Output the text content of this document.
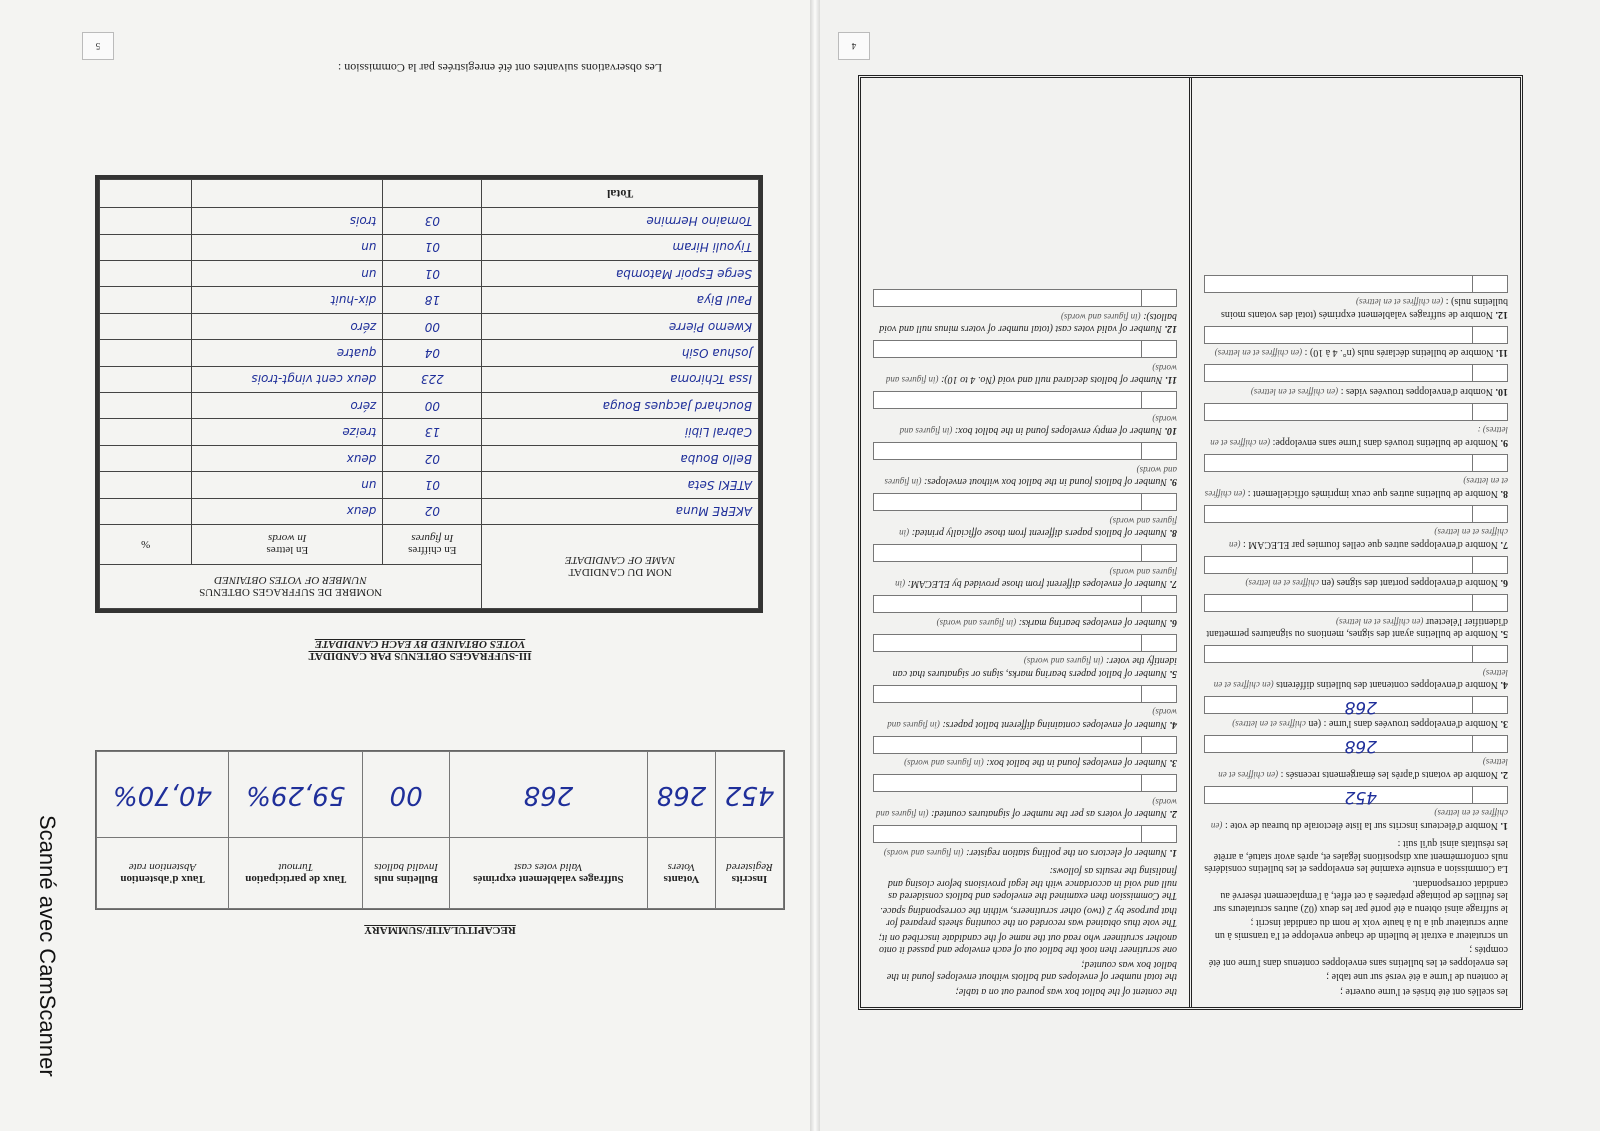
Scanné avec CamScanner
5	4
Les observations suivantes ont été enregistrées par la Commission :
NOM DU CANDIDAT
NAME OF CANDIDATE

NOMBRE DE SUFFRAGES OBTENUS
NUMBER OF VOTES OBTAINED

En chiffres
In figures

En lettres
In words
	%
AKERE Muna	02	deux	
ATEKI Seta	01	un	
Bello Bouba	02	deux	
Cabral Libii	13	treize	
Bouchard Jacques Bouga	00	zéro	
Issa Tchiroma	223	deux cent vingt-trois	
Joshua Osih	04	quatre	
Kwemo Pierre	00	zéro	
Paul Biya	18	dix-huit	
Serge Espoir Matomba	01	un	
Tiyouli Hiram	01	un	
Tomaino Hermine	03	trois	
Total			
III-SUFFRAGES OBTENUS PAR CANDIDAT
VOTES OBTAINED BY EACH CANDIDATE
Inscrits
Registered

Votants
Voters

Suffrages valablement exprimés
Valid votes cast

Bulletins nuls
Invalid ballots

Taux de participation
Turnout

Taux d'abstention
Abstention rate

452	268	268	00	59,29%	40,70%
RECAPITULATIF/SUMMARY

les scellés ont été brisés et l'urne ouverte ;

le contenu de l'urne a été versé sur une table ;

les enveloppes et les bulletins sans enveloppes contenus dans l'urne ont été comptés ;

un scrutateur a extrait le bulletin de chaque enveloppe et l'a transmis à un autre scrutateur qui a lu à haute voix le nom du candidat inscrit ;

le suffrage ainsi obtenu a été porté par les deux (02) autres scrutateurs sur les feuilles de pointage préparées à cet effet, à l'emplacement réservé au candidat correspondant.

La Commission a ensuite examiné les enveloppes et les bulletins considérés nuls conformément aux dispositions légales et, après avoir statué, a arrêté les résultats ainsi qu'il suit :

1. Nombre d'électeurs inscrits sur la liste électorale du bureau de vote : (en chiffres et en lettres)
452
2. Nombre de votants d'après les émargements recensés : (en chiffres et en lettres)
268
3. Nombre d'enveloppes trouvées dans l'urne : (en chiffres et en lettres)
268
4. Nombre d'enveloppes contenant des bulletins différents (en chiffres et en lettres)
5. Nombre de bulletins ayant des signes, mentions ou signatures permettant d'identifier l'électeur (en chiffres et en lettres)
6. Nombre d'enveloppes portant des signes (en chiffres et en lettres)
7. Nombre d'enveloppes autres que celles fournies par ELECAM : (en chiffres et en lettres)
8. Nombre de bulletins autres que ceux imprimés officiellement : (en chiffres et en lettres)
9. Nombre de bulletins trouvés dans l'urne sans enveloppe: (en chiffres et en lettres) :
10. Nombre d'enveloppes trouvées vides : (en chiffres et en lettres)
11. Nombre de bulletins déclarés nuls (n°. 4 à 10) : (en chiffres et en lettres)
12. Nombre de suffrages valablement exprimés (total des votants moins bulletins nuls) : (en chiffres et en lettres)

the content of the ballot box was poured out on a table;

the total number of envelopes and ballots without envelopes found in the ballot box was counted;

one scrutineer then took the ballot out of each envelope and passed it onto another scrutineer who read out the name of the candidate inscribed on it;

The vote thus obtained was recorded on the counting sheets prepared for that purpose by 2 (two) other scrutineers, within the corresponding space.

The Commission then examined the envelopes and ballots considered as null and void in accordance with the legal provisions before closing and finalising the results as follows:

1. Number of electors on the polling station register: (in figures and words)
2. Number of voters as per the number of signatures counted: (in figures and words)
3. Number of envelopes found in the ballot box: (in figures and words)
4. Number of envelopes containing different ballot papers: (in figures and words)
5. Number of ballot papers bearing marks, signs or signatures that can identify the voter: (in figures and words)
6. Number of envelopes bearing marks: (in figures and words)
7. Number of envelopes different from those provided by ELECAM: (in figures and words)
8. Number of ballots papers different from those officially printed: (in figures and words)
9. Number of ballots found in the ballot box without envelopes: (in figures and words)
10. Number of empty envelopes found in the ballot box: (in figures and words)
11. Number of ballots declared null and void (No. 4 to 10): (in figures and words)
12. Number of valid votes cast (total number of voters minus null and void ballots): (in figures and words)
